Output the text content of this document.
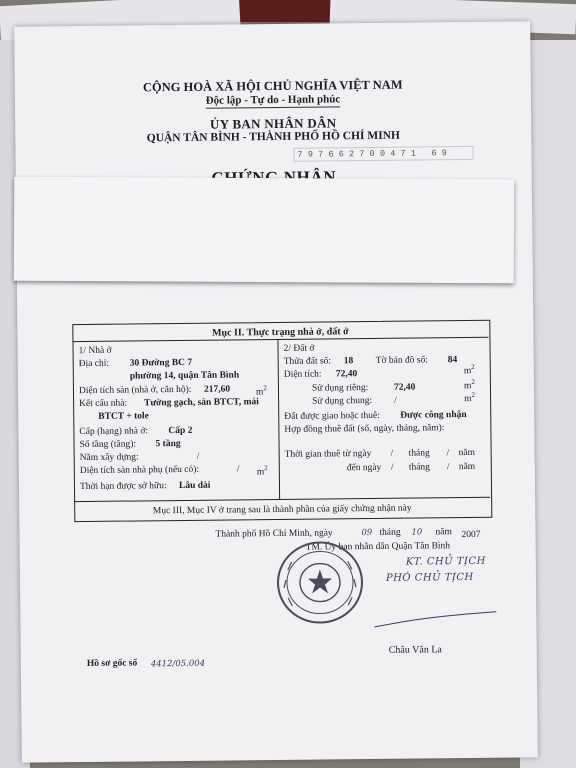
CỘNG HOÀ XÃ HỘI CHỦ NGHĨA VIỆT NAM
Độc lập - Tự do - Hạnh phúc
ỦY BAN NHÂN DÂN
QUẬN TÂN BÌNH - THÀNH PHỐ HỒ CHÍ MINH
797662700471 69
Mục II. Thực trạng nhà ở, đất ở
1/ Nhà ở
Địa chỉ: 30 Đường BC 7
phường 14, quận Tân Bình
Diện tích sàn (nhà ở, căn hộ): 217,60	$m^2$
Kết cấu nhà: Tường gạch, sàn BTCT, mái
BTCT + tole
Cấp (hạng) nhà ở: Cấp 2
Số tầng (tầng): 5 tầng
Năm xây dựng:	/
Diện tích sàn nhà phụ (nếu có):	/ $m^2$
Thời hạn được sở hữu: Lâu dài
2/ Đất ở
Thửa đất số: 18 Tờ bản đồ số: 84
Diện tích: 72,40	$m^2$
Sử dụng riêng:	72,40	$m^2$
Sử dụng chung: /	$m^2$
Đất được giao hoặc thuê: Được công nhận
Hợp đồng thuê đất (số, ngày, tháng, năm):
Thời gian thuê từ ngày / tháng / năm
đến ngày / tháng / năm
Mục III, Mục IV ở trang sau là thành phần của giấy chứng nhận này
Thành phố Hồ Chí Minh, ngày	09 tháng 10 năm 2007
TM. Ủy ban nhân dân Quận Tân Bình
KT. CHỦ TỊCH
PHÓ CHỦ TỊCH
Châu Văn La
Hồ sơ gốc số 4412/05.004
